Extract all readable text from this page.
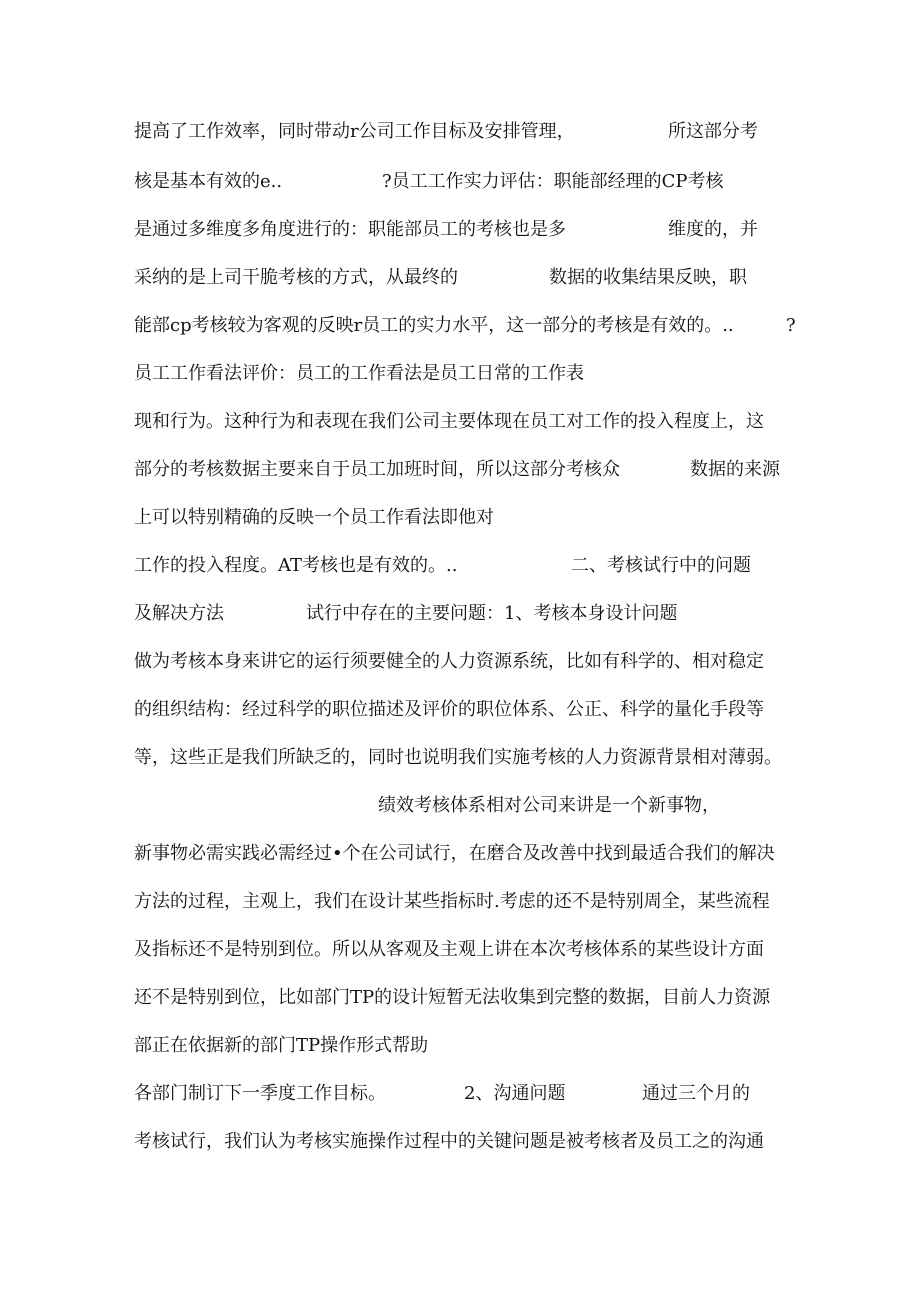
提高了工作效率，同时带动r公司工作目标及安排管理，	所这部分考
核是基本有效的e..	?员工工作实力评估：职能部经理的CP考核
是通过多维度多角度进行的：职能部员工的考核也是多	维度的，并
采纳的是上司干脆考核的方式，从最终的	数据的收集结果反映，职
能部cp考核较为客观的反映r员工的实力水平，这一部分的考核是有效的。..	?
员工工作看法评价：员工的工作看法是员工日常的工作表
现和行为。这种行为和表现在我们公司主要体现在员工对工作的投入程度上，这
部分的考核数据主要来自于员工加班时间，所以这部分考核众	数据的来源
上可以特别精确的反映一个员工作看法即他对
工作的投入程度。AT考核也是有效的。..	二、考核试行中的问题
及解决方法	试行中存在的主要问题：1、考核本身设计问题
做为考核本身来讲它的运行须要健全的人力资源系统，比如有科学的、相对稳定
的组织结构：经过科学的职位描述及评价的职位体系、公正、科学的量化手段等
等，这些正是我们所缺乏的，同时也说明我们实施考核的人力资源背景相对薄弱。
绩效考核体系相对公司来讲是一个新事物，
新事物必需实践必需经过•个在公司试行，在磨合及改善中找到最适合我们的解决
方法的过程，主观上，我们在设计某些指标时.考虑的还不是特别周全，某些流程
及指标还不是特别到位。所以从客观及主观上讲在本次考核体系的某些设计方面
还不是特别到位，比如部门TP的设计短暂无法收集到完整的数据，目前人力资源
部正在依据新的部门TP操作形式帮助
各部门制订下一季度工作目标。	2、沟通问题	通过三个月的
考核试行，我们认为考核实施操作过程中的关键问题是被考核者及员工之的沟通
